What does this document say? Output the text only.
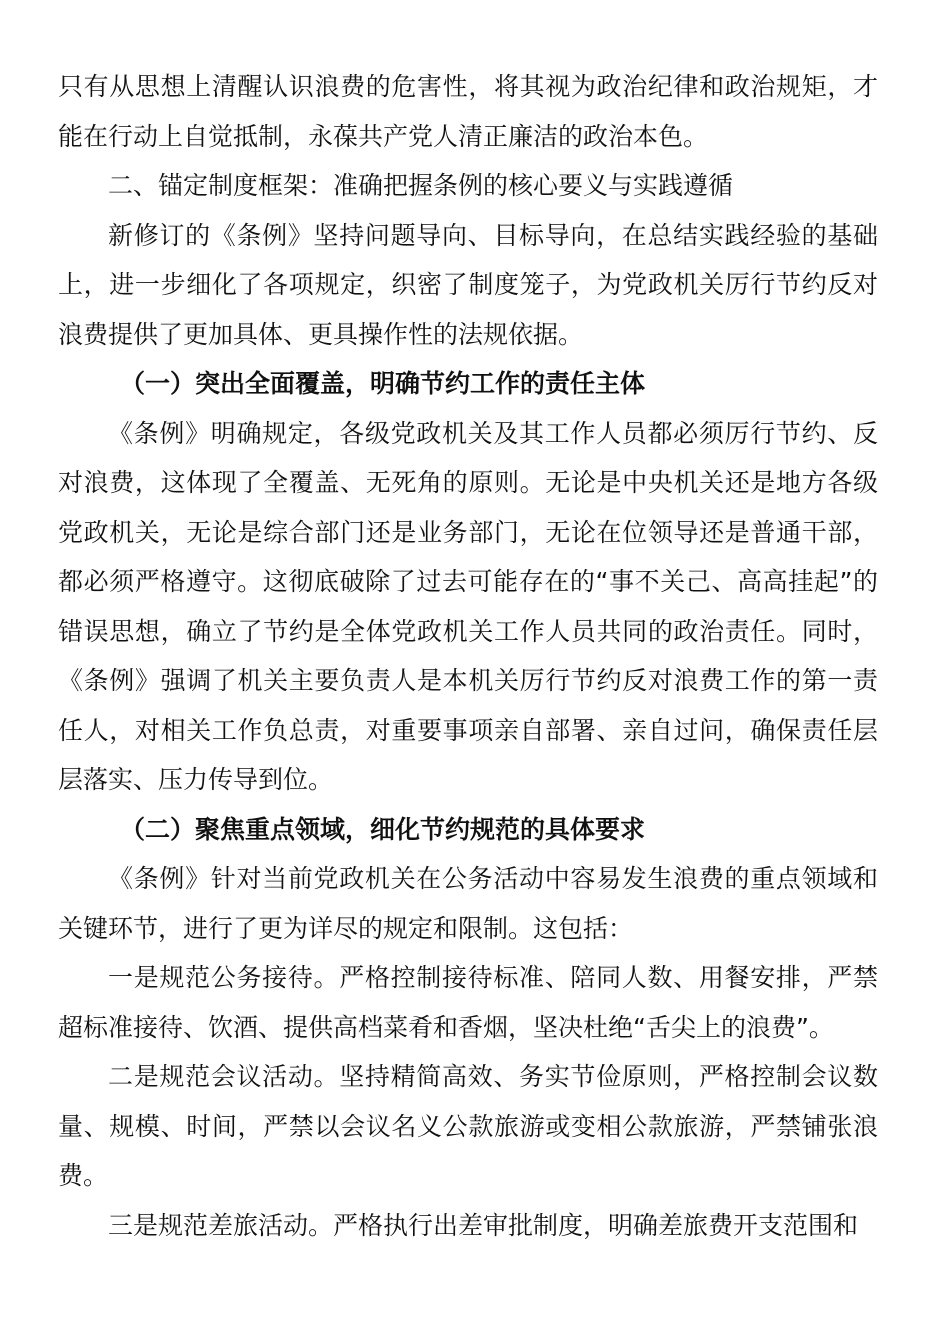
只有从思想上清醒认识浪费的危害性，将其视为政治纪律和政治规矩，才能在行动上自觉抵制，永葆共产党人清正廉洁的政治本色。

二、锚定制度框架：准确把握条例的核心要义与实践遵循

新修订的《条例》坚持问题导向、目标导向，在总结实践经验的基础上，进一步细化了各项规定，织密了制度笼子，为党政机关厉行节约反对浪费提供了更加具体、更具操作性的法规依据。

（一）突出全面覆盖，明确节约工作的责任主体

《条例》明确规定，各级党政机关及其工作人员都必须厉行节约、反对浪费，这体现了全覆盖、无死角的原则。无论是中央机关还是地方各级党政机关，无论是综合部门还是业务部门，无论在位领导还是普通干部，都必须严格遵守。这彻底破除了过去可能存在的“事不关己、高高挂起”的错误思想，确立了节约是全体党政机关工作人员共同的政治责任。同时，《条例》强调了机关主要负责人是本机关厉行节约反对浪费工作的第一责任人，对相关工作负总责，对重要事项亲自部署、亲自过问，确保责任层层落实、压力传导到位。

（二）聚焦重点领域，细化节约规范的具体要求

《条例》针对当前党政机关在公务活动中容易发生浪费的重点领域和关键环节，进行了更为详尽的规定和限制。这包括：

一是规范公务接待。严格控制接待标准、陪同人数、用餐安排，严禁超标准接待、饮酒、提供高档菜肴和香烟，坚决杜绝“舌尖上的浪费”。

二是规范会议活动。坚持精简高效、务实节俭原则，严格控制会议数量、规模、时间，严禁以会议名义公款旅游或变相公款旅游，严禁铺张浪费。

三是规范差旅活动。严格执行出差审批制度，明确差旅费开支范围和
